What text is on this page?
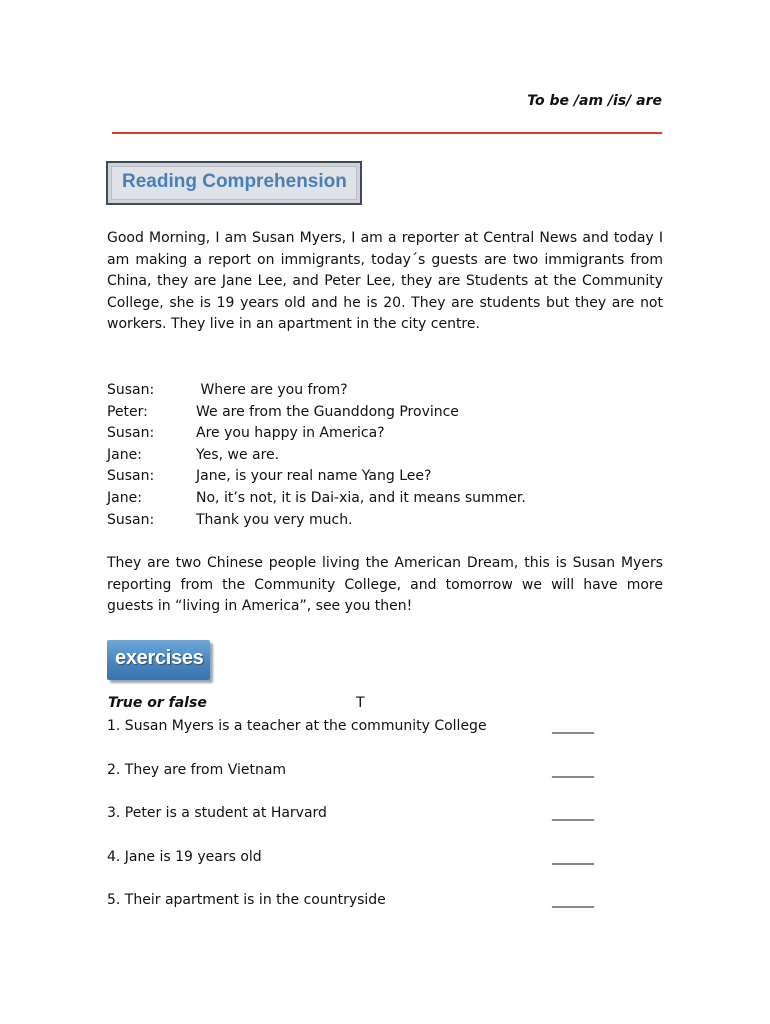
To be /am /is/ are
Reading Comprehension
Good Morning, I am Susan Myers, I am a reporter at Central News and today I am making a report on immigrants, today´s guests are two immigrants from China, they are Jane Lee, and Peter Lee, they are Students at the Community College, she is 19 years old and he is 20. They are students but they are not workers. They live in an apartment in the city centre.
Susan:	Where are you from?
Peter:	We are from the Guanddong Province
Susan:	Are you happy in America?
Jane:	Yes, we are.
Susan:	Jane, is your real name Yang Lee?
Jane:	No, it’s not, it is Dai-xia, and it means summer.
Susan:	Thank you very much.
They are two Chinese people living the American Dream, this is Susan Myers reporting from the Community College, and tomorrow we will have more guests in “living in America”, see you then!
exercises
True or false	T
1. Susan Myers is a teacher at the community College	______
2. They are from Vietnam	______
3. Peter is a student at Harvard	______
4. Jane is 19 years old	______
5. Their apartment is in the countryside	______
